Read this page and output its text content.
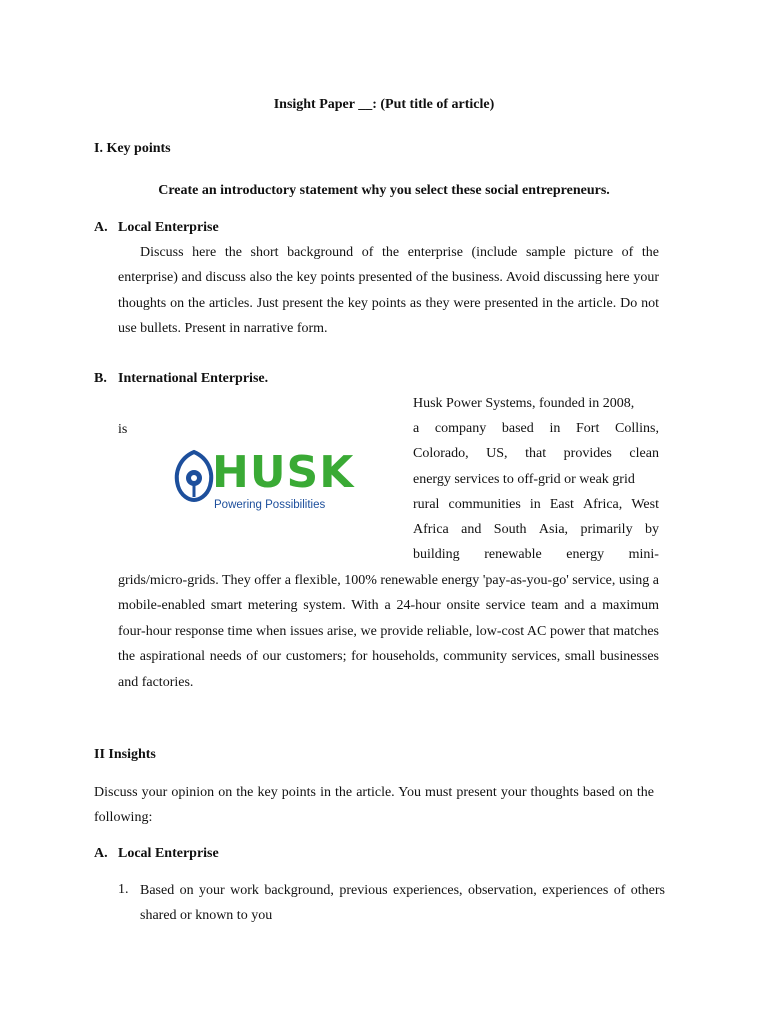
Insight Paper __: (Put title of article)
I. Key points
Create an introductory statement why you select these social entrepreneurs.
A. Local Enterprise
Discuss here the short background of the enterprise (include sample picture of the enterprise) and discuss also the key points presented of the business. Avoid discussing here your thoughts on the articles. Just present the key points as they were presented in the article. Do not use bullets. Present in narrative form.
B. International Enterprise.
is
HUSK
Powering Possibilities
Husk Power Systems, founded in 2008,
a company based in Fort Collins,
Colorado, US, that provides clean
energy services to off-grid or weak grid
rural communities in East Africa, West
Africa and South Asia, primarily by
building renewable energy mini-
grids/micro-grids. They offer a flexible, 100% renewable energy 'pay-as-you-go' service, using a mobile-enabled smart metering system. With a 24-hour onsite service team and a maximum four-hour response time when issues arise, we provide reliable, low-cost AC power that matches the aspirational needs of our customers; for households, community services, small businesses and factories.
II Insights
Discuss your opinion on the key points in the article. You must present your thoughts based on the following:
A. Local Enterprise
1. Based on your work background, previous experiences, observation, experiences of others shared or known to you
